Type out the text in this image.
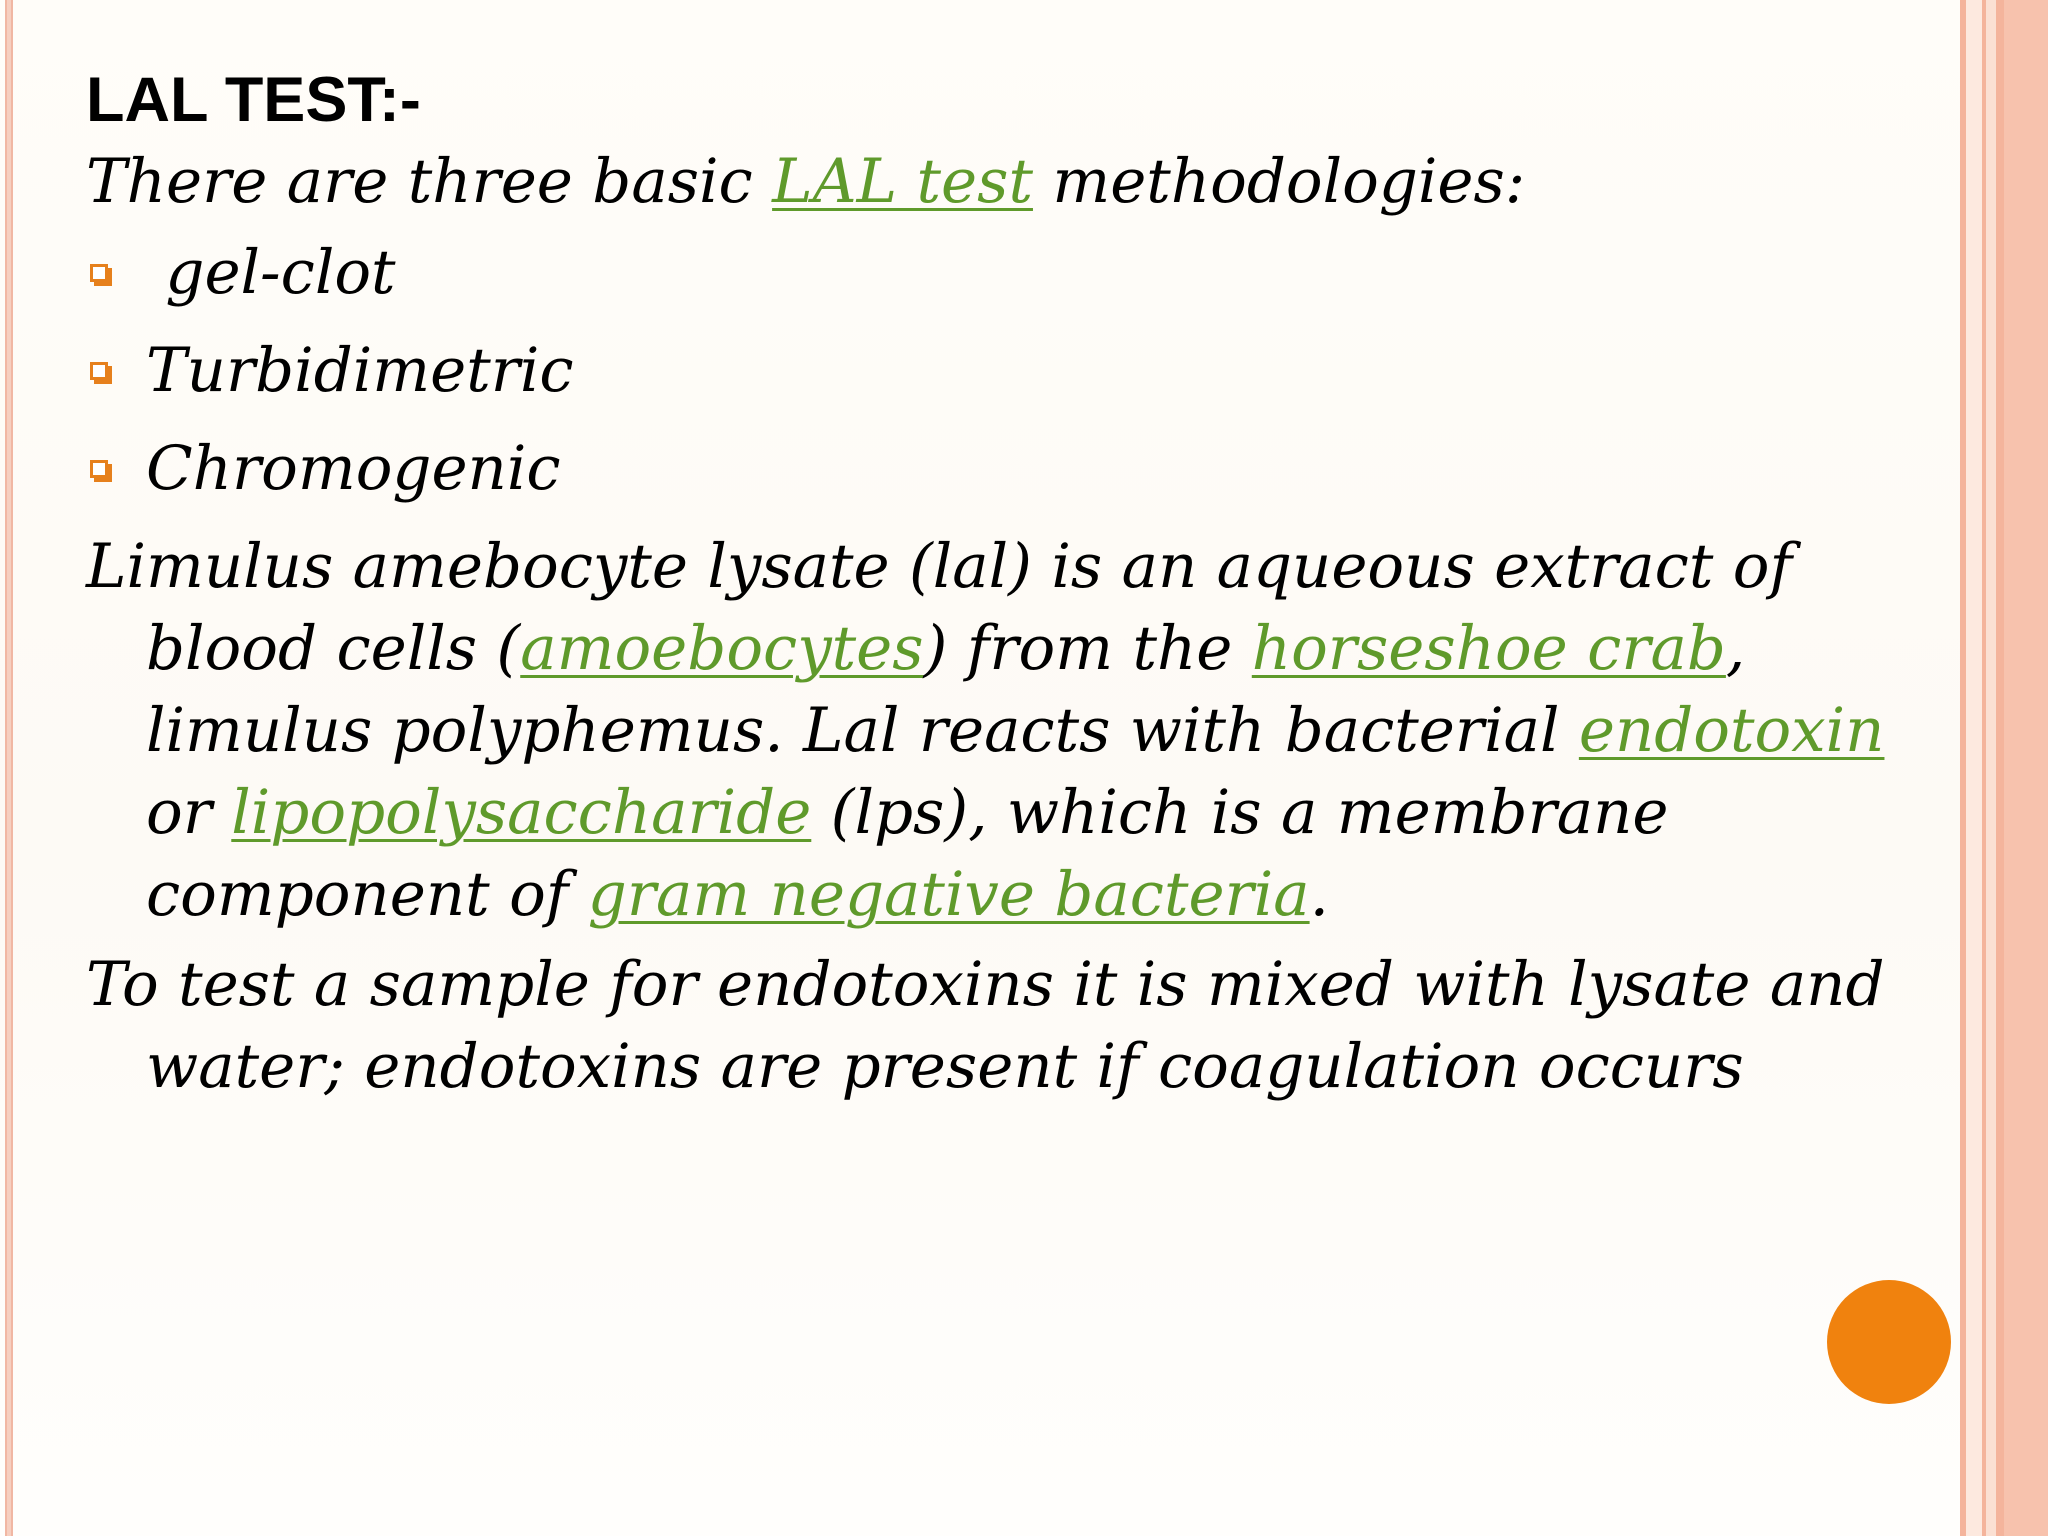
LAL TEST:-

There are three basic LAL test methodologies:

gel-clot
Turbidimetric
Chromogenic

Limulus amebocyte lysate (lal) is an aqueous extract of blood cells (amoebocytes) from the horseshoe crab, limulus polyphemus. Lal reacts with bacterial endotoxin or lipopolysaccharide (lps), which is a membrane component of gram negative bacteria.

To test a sample for endotoxins it is mixed with lysate and water; endotoxins are present if coagulation occurs
